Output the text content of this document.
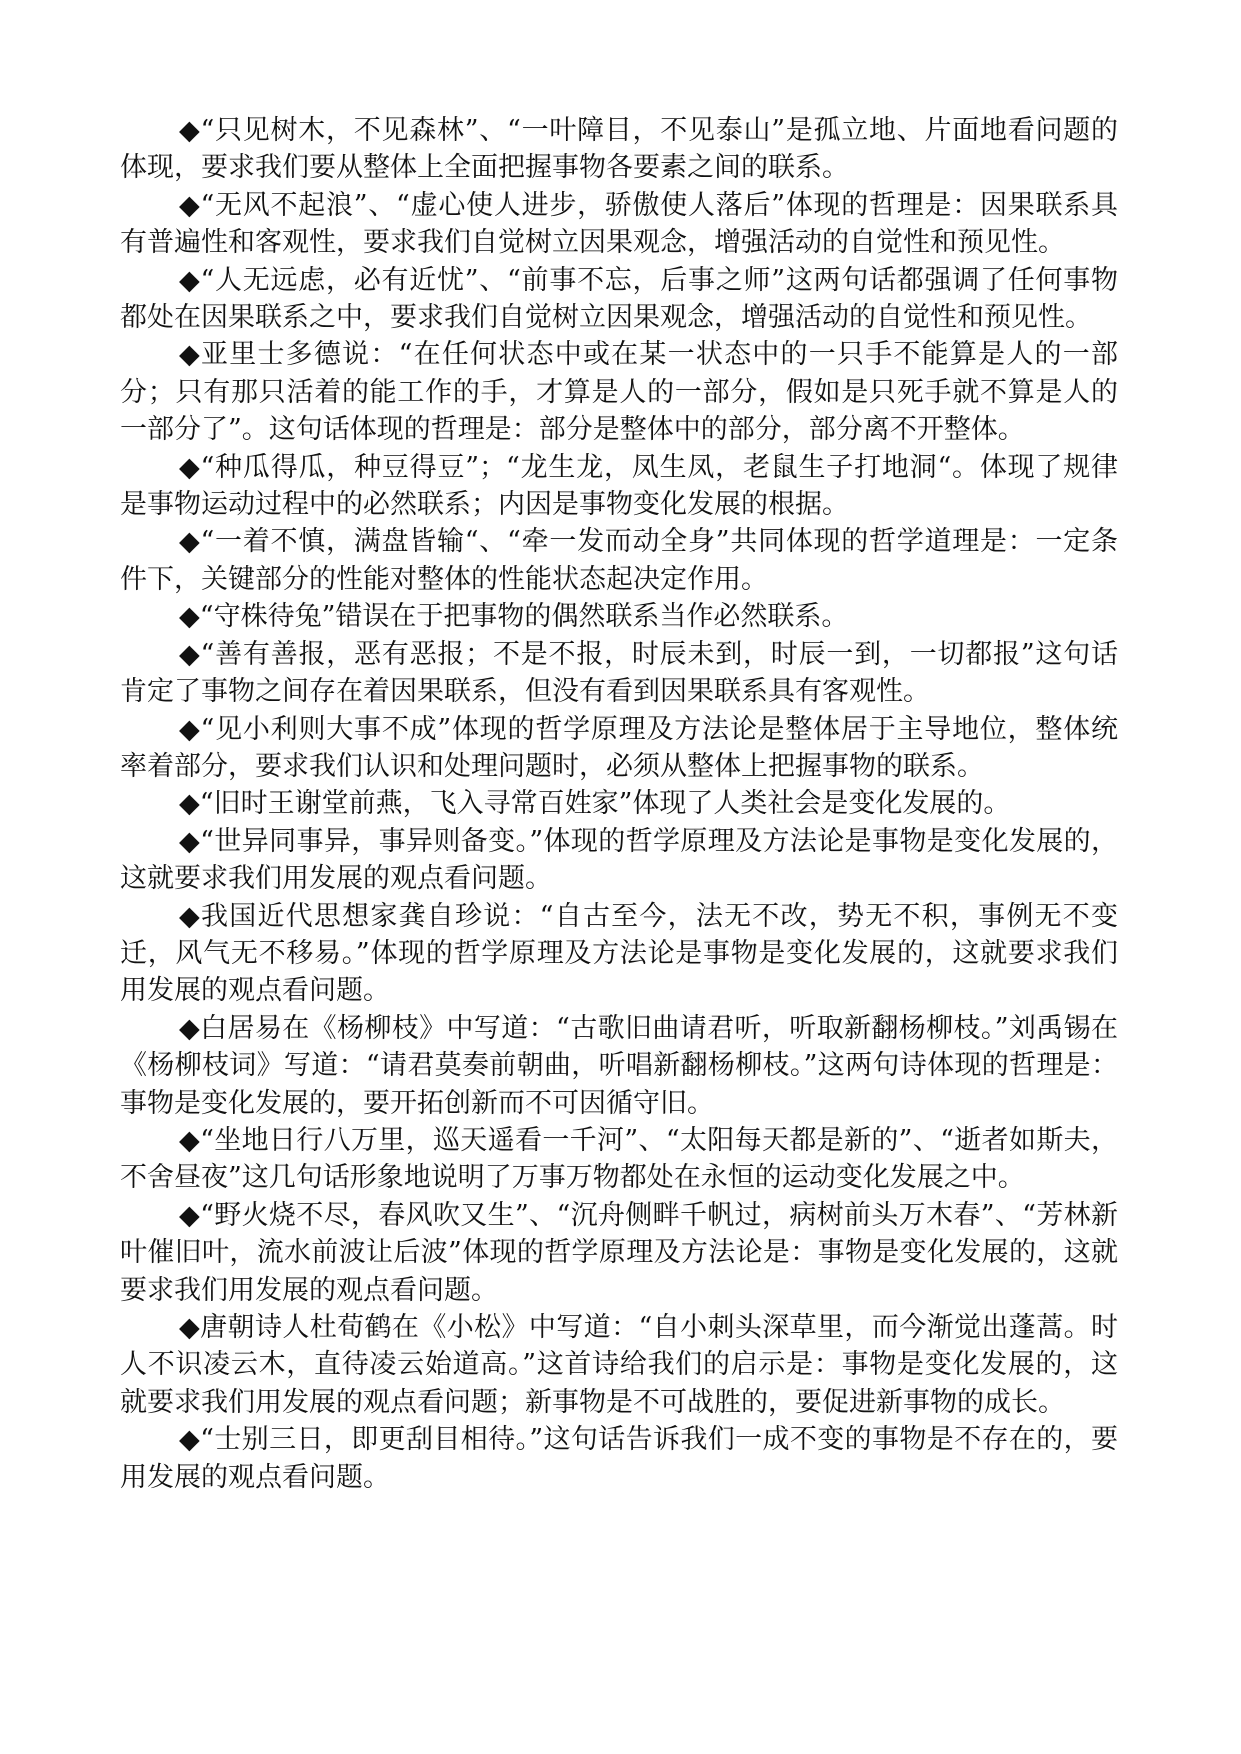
◆“只见树木，不见森林”、“一叶障目，不见泰山”是孤立地、片面地看问题的体现，要求我们要从整体上全面把握事物各要素之间的联系。

◆“无风不起浪”、“虚心使人进步，骄傲使人落后”体现的哲理是：因果联系具有普遍性和客观性，要求我们自觉树立因果观念，增强活动的自觉性和预见性。

◆“人无远虑，必有近忧”、“前事不忘，后事之师”这两句话都强调了任何事物都处在因果联系之中，要求我们自觉树立因果观念，增强活动的自觉性和预见性。

◆亚里士多德说：“在任何状态中或在某一状态中的一只手不能算是人的一部分；只有那只活着的能工作的手，才算是人的一部分，假如是只死手就不算是人的一部分了”。这句话体现的哲理是：部分是整体中的部分，部分离不开整体。

◆“种瓜得瓜，种豆得豆”；“龙生龙，凤生凤，老鼠生子打地洞“。体现了规律是事物运动过程中的必然联系；内因是事物变化发展的根据。

◆“一着不慎，满盘皆输“、“牵一发而动全身”共同体现的哲学道理是：一定条件下，关键部分的性能对整体的性能状态起决定作用。

◆“守株待兔”错误在于把事物的偶然联系当作必然联系。

◆“善有善报，恶有恶报；不是不报，时辰未到，时辰一到，一切都报”这句话肯定了事物之间存在着因果联系，但没有看到因果联系具有客观性。

◆“见小利则大事不成”体现的哲学原理及方法论是整体居于主导地位，整体统率着部分，要求我们认识和处理问题时，必须从整体上把握事物的联系。

◆“旧时王谢堂前燕，飞入寻常百姓家”体现了人类社会是变化发展的。

◆“世异同事异，事异则备变。”体现的哲学原理及方法论是事物是变化发展的，这就要求我们用发展的观点看问题。

◆我国近代思想家龚自珍说：“自古至今，法无不改，势无不积，事例无不变迁，风气无不移易。”体现的哲学原理及方法论是事物是变化发展的，这就要求我们用发展的观点看问题。

◆白居易在《杨柳枝》中写道：“古歌旧曲请君听，听取新翻杨柳枝。”刘禹锡在《杨柳枝词》写道：“请君莫奏前朝曲，听唱新翻杨柳枝。”这两句诗体现的哲理是：事物是变化发展的，要开拓创新而不可因循守旧。

◆“坐地日行八万里，巡天遥看一千河”、“太阳每天都是新的”、“逝者如斯夫，不舍昼夜”这几句话形象地说明了万事万物都处在永恒的运动变化发展之中。

◆“野火烧不尽，春风吹又生”、“沉舟侧畔千帆过，病树前头万木春”、“芳林新叶催旧叶，流水前波让后波”体现的哲学原理及方法论是：事物是变化发展的，这就要求我们用发展的观点看问题。

◆唐朝诗人杜荀鹤在《小松》中写道：“自小刺头深草里，而今渐觉出蓬蒿。时人不识凌云木，直待凌云始道高。”这首诗给我们的启示是：事物是变化发展的，这就要求我们用发展的观点看问题；新事物是不可战胜的，要促进新事物的成长。

◆“士别三日，即更刮目相待。”这句话告诉我们一成不变的事物是不存在的，要用发展的观点看问题。
